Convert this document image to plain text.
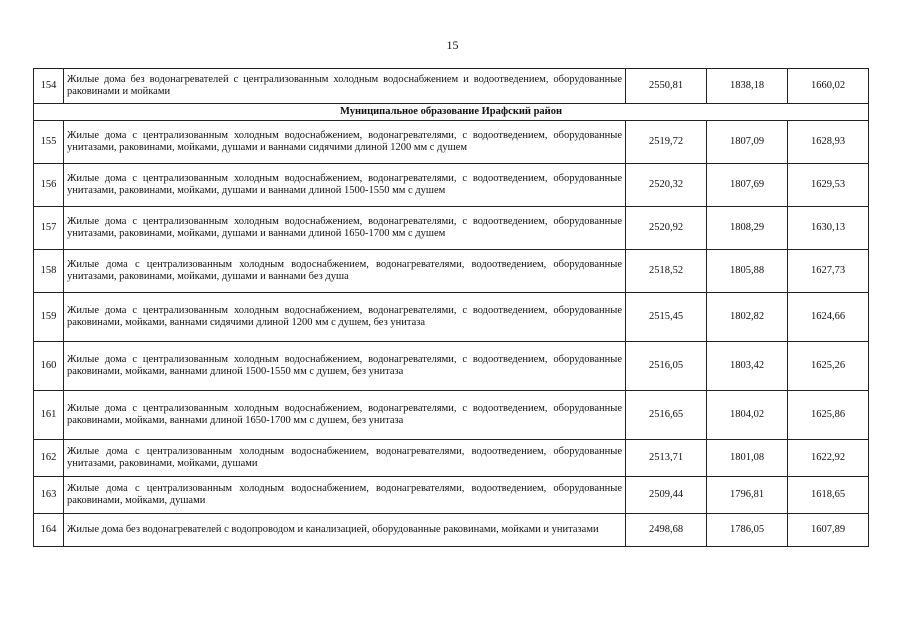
15
154	Жилые дома без водонагревателей с централизованным холодным водоснабжением и водоотведением, оборудованные раковинами и мойками	2550,81	1838,18	1660,02
Муниципальное образование Ирафский район				
155	Жилые дома с централизованным холодным водоснабжением, водонагревателями, с водоотведением, оборудованные унитазами, раковинами, мойками, душами и ваннами сидячими длиной 1200 мм с душем	2519,72	1807,09	1628,93
156	Жилые дома с централизованным холодным водоснабжением, водонагревателями, с водоотведением, оборудованные унитазами, раковинами, мойками, душами и ваннами длиной 1500-1550 мм с душем	2520,32	1807,69	1629,53
157	Жилые дома с централизованным холодным водоснабжением, водонагревателями, с водоотведением, оборудованные унитазами, раковинами, мойками, душами и ваннами длиной 1650-1700 мм с душем	2520,92	1808,29	1630,13
158	Жилые дома с централизованным холодным водоснабжением, водонагревателями, водоотведением, оборудованные унитазами, раковинами, мойками, душами и ваннами без душа	2518,52	1805,88	1627,73
159	Жилые дома с централизованным холодным водоснабжением, водонагревателями, с водоотведением, оборудованные раковинами, мойками, ваннами сидячими длиной 1200 мм с душем, без унитаза	2515,45	1802,82	1624,66
160	Жилые дома с централизованным холодным водоснабжением, водонагревателями, с водоотведением, оборудованные раковинами, мойками, ваннами длиной 1500-1550 мм с душем, без унитаза	2516,05	1803,42	1625,26
161	Жилые дома с централизованным холодным водоснабжением, водонагревателями, с водоотведением, оборудованные раковинами, мойками, ваннами длиной 1650-1700 мм с душем, без унитаза	2516,65	1804,02	1625,86
162	Жилые дома с централизованным холодным водоснабжением, водонагревателями, водоотведением, оборудованные унитазами, раковинами, мойками, душами	2513,71	1801,08	1622,92
163	Жилые дома с централизованным холодным водоснабжением, водонагревателями, водоотведением, оборудованные раковинами, мойками, душами	2509,44	1796,81	1618,65
164	Жилые дома без водонагревателей с водопроводом и канализацией, оборудованные раковинами, мойками и унитазами	2498,68	1786,05	1607,89
